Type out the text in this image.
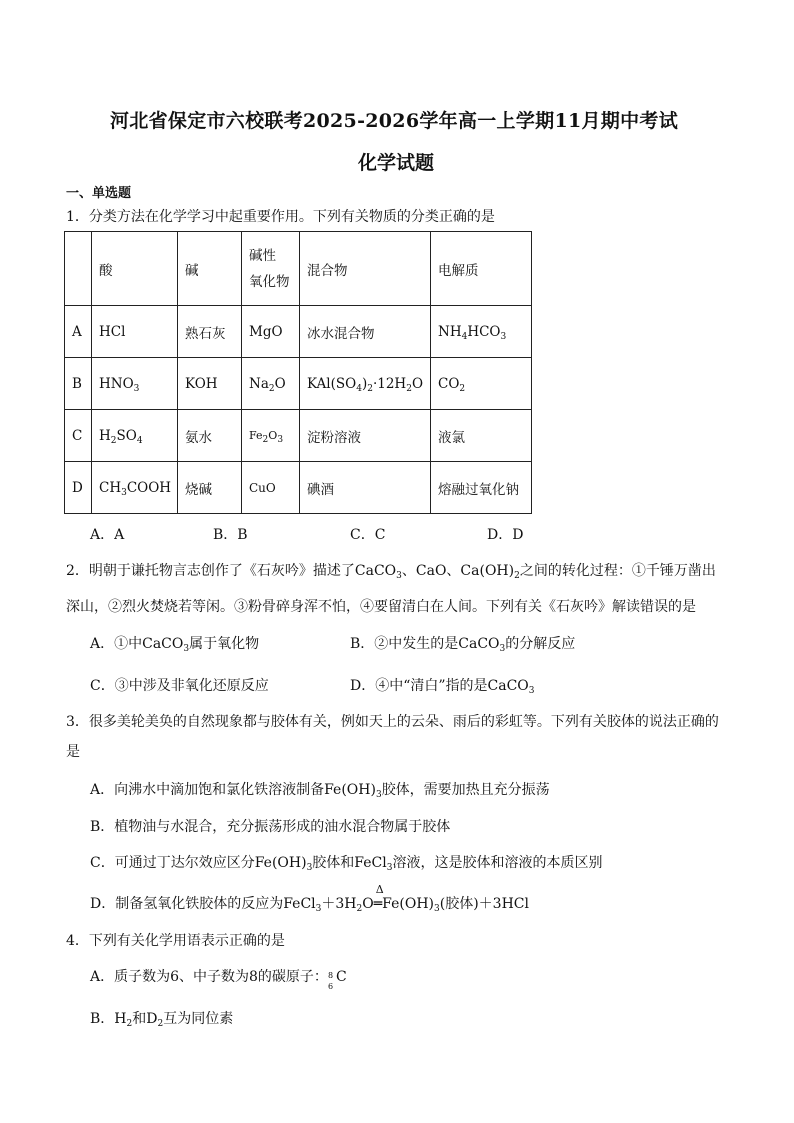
河北省保定市六校联考2025-2026学年高一上学期11月期中考试
化学试题
一、单选题
1．分类方法在化学学习中起重要作用。下列有关物质的分类正确的是
	酸	碱	碱性
氧化物	混合物	电解质
A	HCl	熟石灰	MgO	冰水混合物	$NH_4HCO_3$
B	$HNO_3$	KOH	$Na_2O$	$KAl(SO_4)_2\cdot 12H_2O$	$CO_2$
C	$H_2SO_4$	氨水	$Fe_2O_3$	淀粉溶液	液氯
D	$CH_3COOH$	烧碱	CuO	碘酒	熔融过氧化钠
A．A	B．B	C．C	D．D
2．明朝于谦托物言志创作了《石灰吟》描述了CaCO$_3$、CaO、$Ca(OH)_2$之间的转化过程：①千锤万凿出
深山，②烈火焚烧若等闲。③粉骨碎身浑不怕，④要留清白在人间。下列有关《石灰吟》解读错误的是
A．①中CaCO$_3$属于氧化物	B．②中发生的是CaCO$_3$的分解反应
C．③中涉及非氧化还原反应	D．④中“清白”指的是CaCO$_3$
3．很多美轮美奂的自然现象都与胶体有关，例如天上的云朵、雨后的彩虹等。下列有关胶体的说法正确的
是
A．向沸水中滴加饱和氯化铁溶液制备$Fe(OH)_3$胶体，需要加热且充分振荡
B．植物油与水混合，充分振荡形成的油水混合物属于胶体
C．可通过丁达尔效应区分$Fe(OH)_3$胶体和FeCl$_3$溶液，这是胶体和溶液的本质区别
D．制备氢氧化铁胶体的反应为$FeCl_3+3H_2O$
Δ
$═Fe(OH)_3$(胶体)＋3HCl
4．下列有关化学用语表示正确的是
A．质子数为6、中子数为8的碳原子： 8
6
C
B．$H_2$和$D_2$互为同位素
